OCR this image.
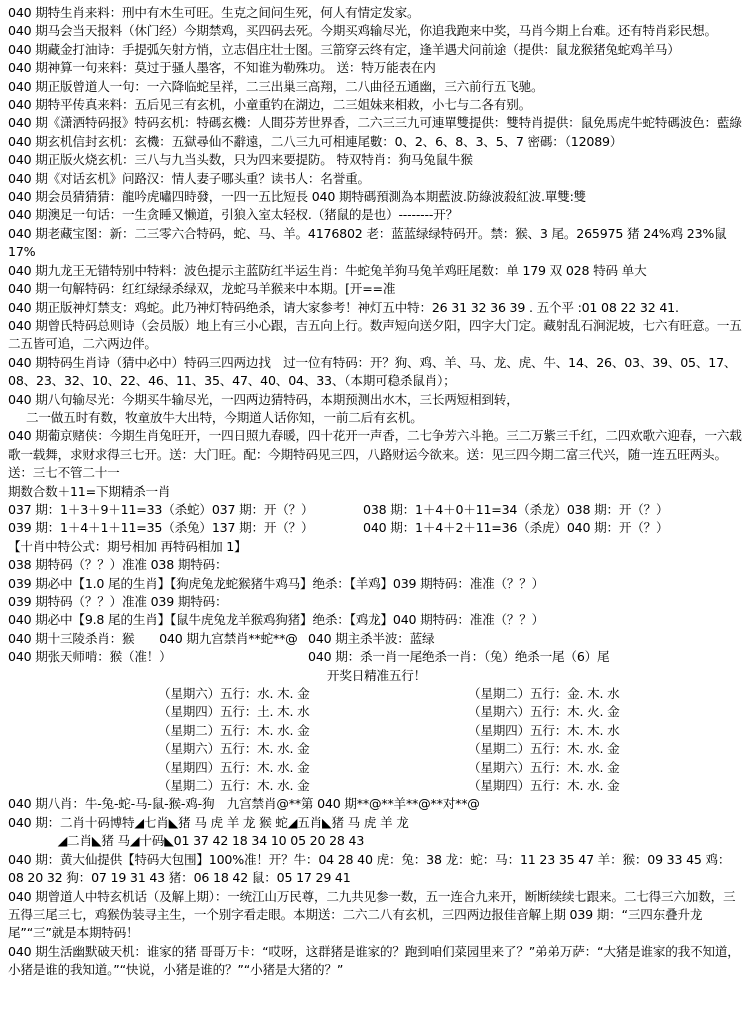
040 期特生肖来料：刑中有木生可旺。生克之间问生死，何人有情定发家。
040 期马会当天报料（休门经）今期禁鸡，买四码去死。今期买鸡输尽光，你追我跑来中奖，马肖今期上台难。还有特肖彩民想。
040 期藏金打油诗：手提弧矢射方悄，立志倡庄壮士图。三箭穿云终有定，逢羊遇犬问前途（提供：鼠龙猴猪兔蛇鸡羊马）
040 期神算一句来料：莫过于骚人墨客，不知谁为勒殊功。 送：特万能表在内
040 期正版曾道人一句：一六降临蛇呈祥，二三出巢三高翔，二八曲径五通幽，三六前行五飞驰。
040 期特平传真来料：五后见三有玄机，小童重钓在湖边，二三姐妹来相救，小七与二各有别。
040 期《潇洒特码报》特码玄机：特碼玄機：人間芬芳世界香，二六三三九可連單雙提供：雙特肖提供：鼠免馬虎牛蛇特碼波色：藍綠
040 期玄机信封玄机：玄機：五獄尋仙不辭遠，二八三九可相連尾數：0、2、6、8、3、5、7 密碼：（12089）
040 期正版火烧玄机：三八与九当头数，只为四来要提防。 特双特肖：狗马兔鼠牛猴
040 期《对话玄机》问路汉：情人妻子哪头重？读书人：名誉重。
040 期会员猜猜猜：龍吟虎嘯四時發，一四一五比短長 040 期特碼預測為本期藍波.防綠波殺紅波.單雙:雙
040 期澳足一句话：一生贪睡又懒道，引狼入室太轻杈.（猪鼠的是也）--------开？
040 期老藏宝图：新：二三零六合特码，蛇、马、羊。4176802 老：蓝蓝绿绿特码开。禁：猴、3 尾。265975 猪 24%鸡 23%鼠 17%
040 期九龙王无错特别中特料：波色提示主蓝防红半运生肖：牛蛇兔羊狗马兔羊鸡旺尾数：单 179 双 028 特码 单大
040 期一句解特码：红红绿绿杀绿双，龙蛇马羊猴来中本期。[开==准
040 期正版神灯禁支：鸡蛇。此乃神灯特码绝杀，请大家参考！神灯五中特：26 31 32 36 39 . 五个平 :01 08 22 32 41.
040 期曾氏特码总则诗（会员版）地上有三小心跟，吉五向上行。数声短向送夕阳，四字大门定。藏射乱石涧泥坡，七六有旺意。一五二五皆可追，二六两边伴。
040 期特码生肖诗（猜中必中）特码三四两边找　过一位有特码：开？狗、鸡、羊、马、龙、虎、牛、14、26、03、39、05、17、08、23、32、10、22、46、11、35、47、40、04、33、（本期可稳杀鼠肖）；
040 期八句输尽光：今期买牛输尽光，一四两边猜特码，本期预测出水木，三长两短相到转，
二一做五时有数，牧童放牛大出特，今期道人话你知，一前二后有玄机。
040 期葡京赌侠：今期生肖兔旺开，一四日照九春暖，四十花开一声香，二七争芳六斗艳。三二万紫三千红，二四欢歌六迎春，一六载歌一载舞，求财求得三七开。送：大门旺。配：今期特码见三四，八路财运今欲来。送：见三四今期二富三代兴，随一连五旺两头。送：三七不管二十一
期数合数＋11=下期精杀一肖
037 期：1＋3＋9＋11=33（杀蛇）037 期：开（？）	038 期：1＋4＋0＋11=34（杀龙）038 期：开（？）
039 期：1＋4＋1＋11=35（杀兔）137 期：开（？）	040 期：1＋4＋2＋11=36（杀虎）040 期：开（？）
【十肖中特公式：期号相加 再特码相加 1】
038 期特码（？？）准准 038 期特码：
039 期必中【1.0 尾的生肖】【狗虎兔龙蛇猴猪牛鸡马】绝杀：【羊鸡】039 期特码：准准（？？）
039 期特码（？？）准准 039 期特码：
040 期必中【9.8 尾的生肖】【鼠牛虎兔龙羊猴鸡狗猪】绝杀：【鸡龙】040 期特码：准准（？？）
040 期十三陵杀肖：猴　　040 期九宫禁肖**蛇**@ 040 期主杀半波：蓝绿
040 期张天师啃：猴（准！）	040 期：杀一肖一尾绝杀一肖：（兔）绝杀一尾（6）尾
开奖日精准五行！
（星期六）五行：水. 木. 金	（星期二）五行：金. 木. 水
（星期四）五行：土. 木. 水	（星期六）五行：木. 火. 金
（星期二）五行：木. 水. 金	（星期四）五行：木. 木. 水
（星期六）五行：木. 水. 金	（星期二）五行：木. 水. 金
（星期四）五行：木. 水. 金	（星期六）五行：木. 水. 金
（星期二）五行：木. 水. 金	（星期四）五行：木. 水. 金
040 期八肖：牛-兔-蛇-马-鼠-猴-鸡-狗　九宫禁肖@**第 040 期**@**羊**@**对**@
040 期：二肖十码博特◢七肖◣猪 马 虎 羊 龙 猴 蛇◢五肖◣猪 马 虎 羊 龙
　　　　◢二肖◣猪 马◢十码◣01 37 42 18 34 10 05 20 28 43
040 期：黄大仙提供【特码大包围】100%准！开？牛：04 28 40 虎：兔：38 龙：蛇：马：11 23 35 47 羊：猴：09 33 45 鸡：08 20 32 狗：07 19 31 43 猪：06 18 42 鼠：05 17 29 41
040 期曾道人中特玄机话（及解上期）：一统江山万民尊，二九共见参一数，五一连合九来开，断断续续七跟来。二七得三六加数，三五得三尾三七，鸡猴伪装寻主生，一个别字看走眼。本期送：二六二八有玄机，三四两边报佳音解上期 039 期：“三四东叠升龙尾”“三”就是本期特码！
040 期生活幽默破天机：谁家的猪 哥哥万卡：“哎呀，这群猪是谁家的？跑到咱们菜园里来了？”弟弟万萨：“大猪是谁家的我不知道，小猪是谁的我知道。”“快说，小猪是谁的？”“小猪是大猪的？”
